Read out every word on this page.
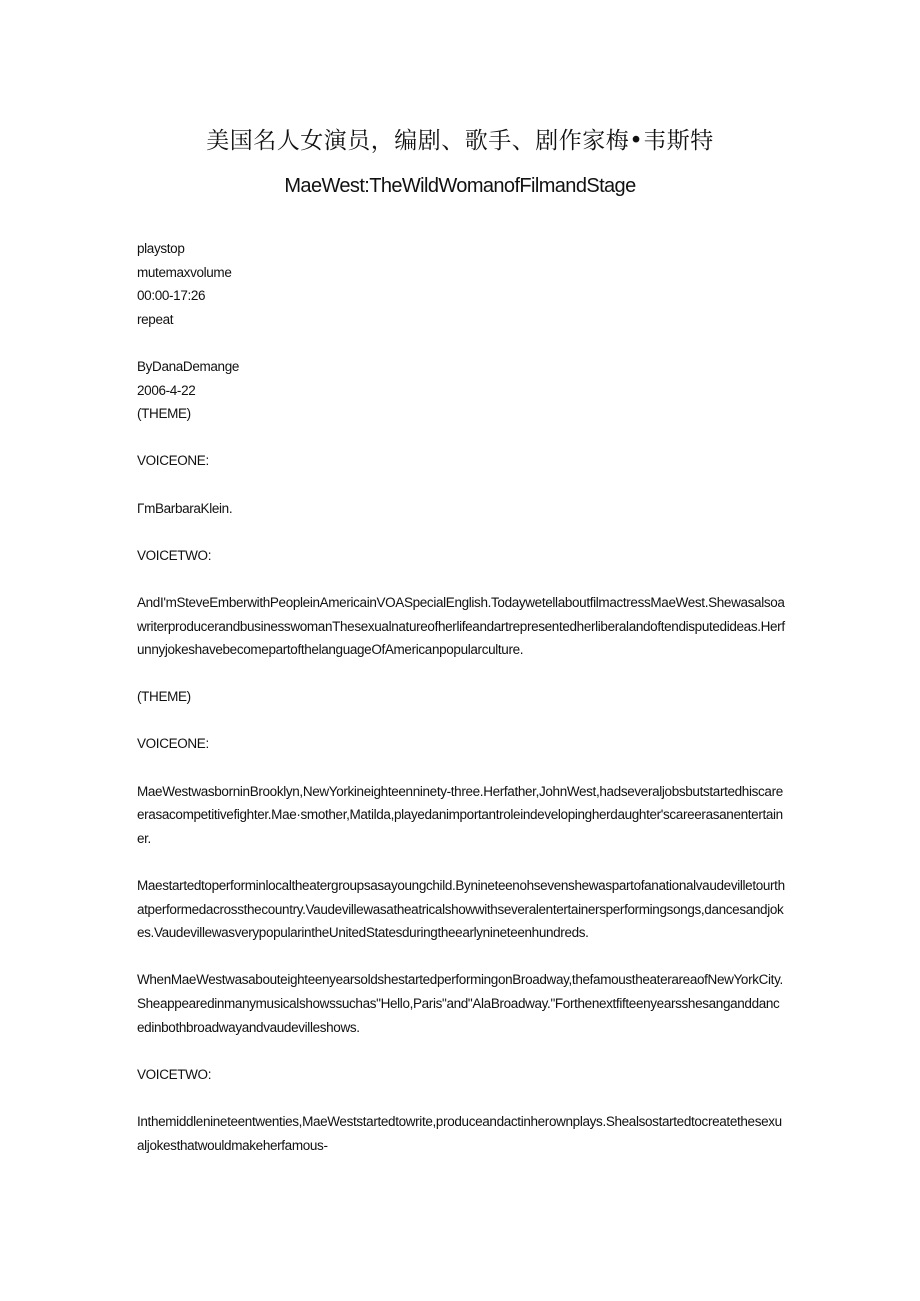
美国名人女演员，编剧、歌手、剧作家梅•韦斯特
MaeWest:TheWildWomanofFilmandStage
playstop
mutemaxvolume
00:00-17:26
repeat
ByDanaDemange
2006-4-22
(THEME)
VOICEONE:
ΓmBarbaraKlein.
VOICETWO:
AndI'mSteveEmberwithPeopleinAmericainVOASpecialEnglish.TodaywetellaboutfilmactressMaeWest.ShewasalsoawriterproducerandbusinesswomanThesexualnatureofherlifeandartrepresentedherliberalandoftendisputedideas.HerfunnyjokeshavebecomepartofthelanguageOfAmericanpopularculture.
(THEME)
VOICEONE:
MaeWestwasborninBrooklyn,NewYorkineighteenninety-three.Herfather,JohnWest,hadseveraljobsbutstartedhiscareerasacompetitivefighter.Mae·smother,Matilda,playedanimportantroleindevelopingherdaughter'scareerasanentertainer.
Maestartedtoperforminlocaltheatergroupsasayoungchild.Bynineteenohsevenshewaspartofanationalvaudevilletourthatperformedacrossthecountry.Vaudevillewasatheatricalshowwithseveralentertainersperformingsongs,dancesandjokes.VaudevillewasverypopularintheUnitedStatesduringtheearlynineteenhundreds.
WhenMaeWestwasabouteighteenyearsoldshestartedperformingonBroadway,thefamoustheaterareaofNewYorkCity.Sheappearedinmanymusicalshowssuchas"Hello,Paris"and"AlaBroadway."Forthenextfifteenyearsshesanganddancedinbothbroadwayandvaudevilleshows.
VOICETWO:
Inthemiddlenineteentwenties,MaeWeststartedtowrite,produceandactinherownplays.Shealsostartedtocreatethesexualjokesthatwouldmakeherfamous-
